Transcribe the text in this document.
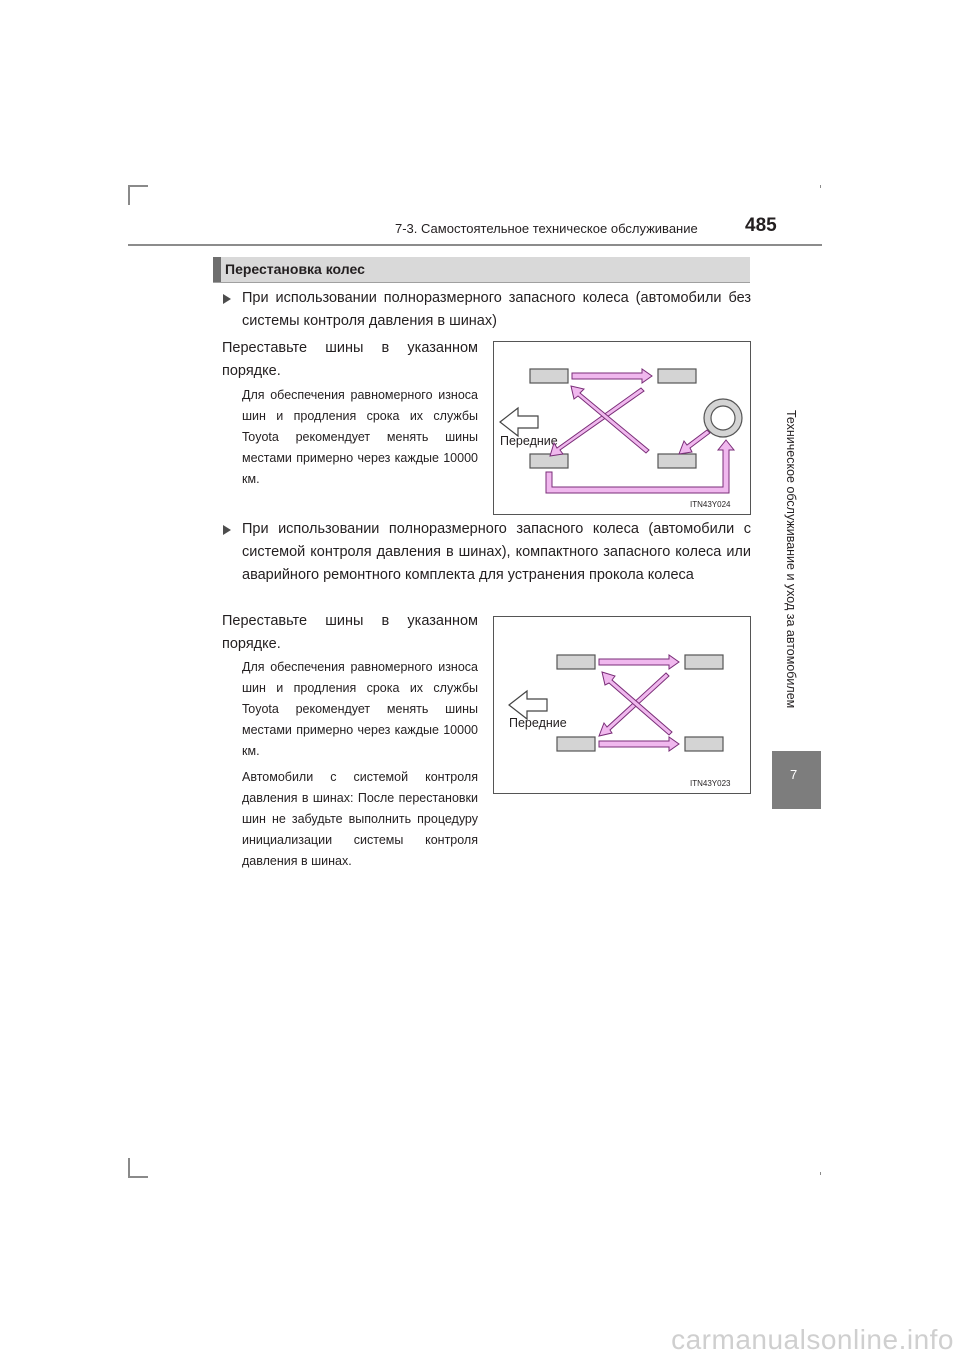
7-3. Самостоятельное техническое обслуживание 485
Техническое обслуживание и уход за автомобилем
7
Перестановка колес
При использовании полноразмерного запасного колеса (автомобили без системы контроля давления в шинах)
Переставьте шины в указанном порядке.
Для обеспечения равномерного износа шин и продления срока их службы Toyota рекомендует менять шины местами примерно через каждые 10000 км.
Передние
ITN43Y024
При использовании полноразмерного запасного колеса (автомобили с системой контроля давления в шинах), компактного запасного колеса или аварийного ремонтного комплекта для устранения прокола колеса
Переставьте шины в указанном порядке.
Для обеспечения равномерного износа шин и продления срока их службы Toyota рекомендует менять шины местами примерно через каждые 10000 км.
Автомобили с системой контроля давления в шинах: После перестановки шин не забудьте выполнить процедуру инициализации системы контроля давления в шинах.
Передние
ITN43Y023
carmanualsonline.info
